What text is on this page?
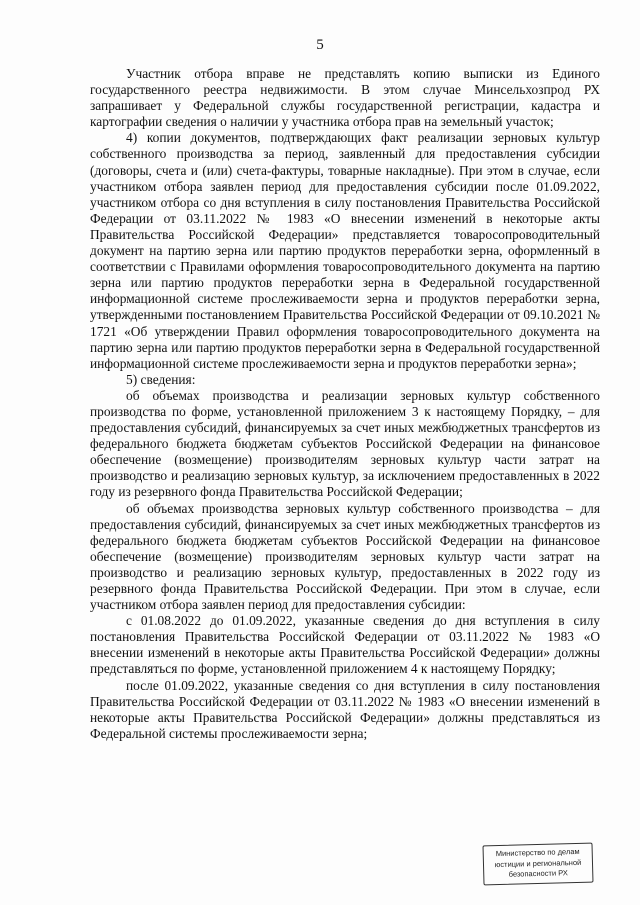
5

Участник отбора вправе не представлять копию выписки из Единого государственного реестра недвижимости. В этом случае Минсельхозпрод РХ запрашивает у Федеральной службы государственной регистрации, кадастра и картографии сведения о наличии у участника отбора прав на земельный участок;

4) копии документов, подтверждающих факт реализации зерновых культур собственного производства за период, заявленный для предоставления субсидии (договоры, счета и (или) счета-фактуры, товарные накладные). При этом в случае, если участником отбора заявлен период для предоставления субсидии после 01.09.2022, участником отбора со дня вступления в силу постановления Правительства Российской Федерации от 03.11.2022 № 1983 «О внесении изменений в некоторые акты Правительства Российской Федерации» представляется товаросопроводительный документ на партию зерна или партию продуктов переработки зерна, оформленный в соответствии с Правилами оформления товаросопроводительного документа на партию зерна или партию продуктов переработки зерна в Федеральной государственной информационной системе прослеживаемости зерна и продуктов переработки зерна, утвержденными постановлением Правительства Российской Федерации от 09.10.2021 № 1721 «Об утверждении Правил оформления товаросопроводительного документа на партию зерна или партию продуктов переработки зерна в Федеральной государственной информационной системе прослеживаемости зерна и продуктов переработки зерна»;

5) сведения:

об объемах производства и реализации зерновых культур собственного производства по форме, установленной приложением 3 к настоящему Порядку, – для предоставления субсидий, финансируемых за счет иных межбюджетных трансфертов из федерального бюджета бюджетам субъектов Российской Федерации на финансовое обеспечение (возмещение) производителям зерновых культур части затрат на производство и реализацию зерновых культур, за исключением предоставленных в 2022 году из резервного фонда Правительства Российской Федерации;

об объемах производства зерновых культур собственного производства – для предоставления субсидий, финансируемых за счет иных межбюджетных трансфертов из федерального бюджета бюджетам субъектов Российской Федерации на финансовое обеспечение (возмещение) производителям зерновых культур части затрат на производство и реализацию зерновых культур, предоставленных в 2022 году из резервного фонда Правительства Российской Федерации. При этом в случае, если участником отбора заявлен период для предоставления субсидии:

с 01.08.2022 до 01.09.2022, указанные сведения до дня вступления в силу постановления Правительства Российской Федерации от 03.11.2022 № 1983 «О внесении изменений в некоторые акты Правительства Российской Федерации» должны представляться по форме, установленной приложением 4 к настоящему Порядку;

после 01.09.2022, указанные сведения со дня вступления в силу постановления Правительства Российской Федерации от 03.11.2022 № 1983 «О внесении изменений в некоторые акты Правительства Российской Федерации» должны представляться из Федеральной системы прослеживаемости зерна;

Министерство по делам
юстиции и региональной
безопасности РХ
